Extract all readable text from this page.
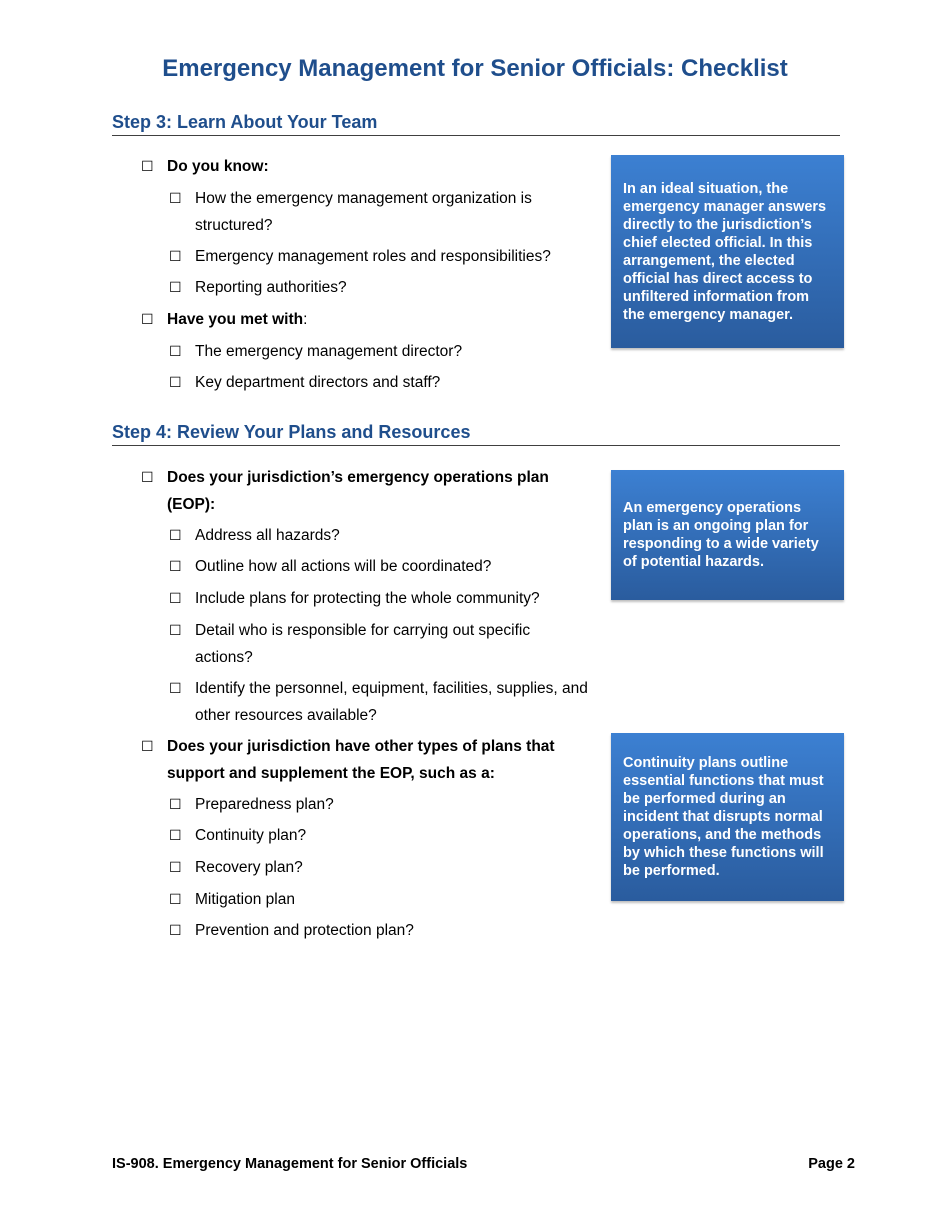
Emergency Management for Senior Officials: Checklist
Step 3: Learn About Your Team
☐ Do you know:
☐ How the emergency management organization is structured?
☐ Emergency management roles and responsibilities?
☐ Reporting authorities?
☐ Have you met with:
☐ The emergency management director?
☐ Key department directors and staff?
In an ideal situation, the emergency manager answers directly to the jurisdiction’s chief elected official. In this arrangement, the elected official has direct access to unfiltered information from the emergency manager.
Step 4: Review Your Plans and Resources
☐ Does your jurisdiction’s emergency operations plan (EOP):
☐ Address all hazards?
☐ Outline how all actions will be coordinated?
☐ Include plans for protecting the whole community?
☐ Detail who is responsible for carrying out specific actions?
☐ Identify the personnel, equipment, facilities, supplies, and other resources available?
☐ Does your jurisdiction have other types of plans that support and supplement the EOP, such as a:
☐ Preparedness plan?
☐ Continuity plan?
☐ Recovery plan?
☐ Mitigation plan
☐ Prevention and protection plan?
An emergency operations plan is an ongoing plan for responding to a wide variety of potential hazards.
Continuity plans outline essential functions that must be performed during an incident that disrupts normal operations, and the methods by which these functions will be performed.
IS-908. Emergency Management for Senior Officials	Page 2
